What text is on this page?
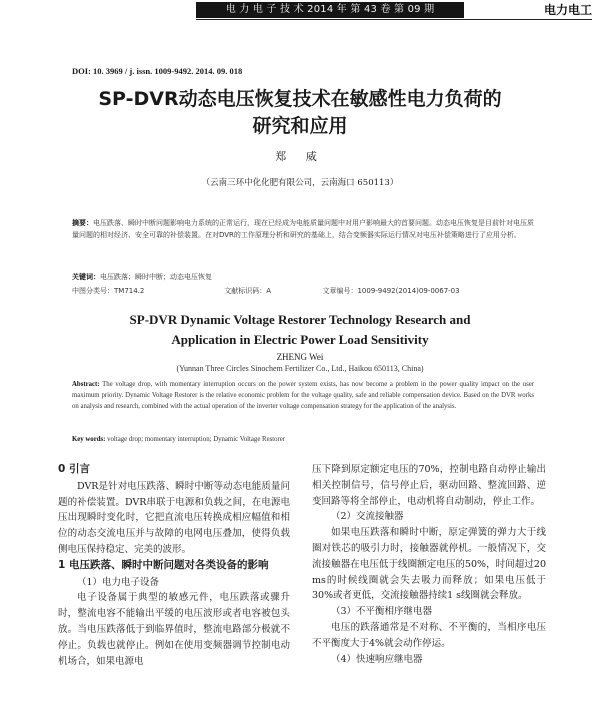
电 力 电 子 技 术 2014 年 第 43 卷 第 09 期	电力电工
DOI: 10. 3969 / j. issn. 1009-9492. 2014. 09. 018
SP-DVR动态电压恢复技术在敏感性电力负荷的
研究和应用
郑 威
（云南三环中化化肥有限公司，云南海口 650113）
摘要：电压跌落、瞬时中断问题影响电力系统的正常运行，现在已经成为电能质量问题中对用户影响最大的首要问题。动态电压恢复是目前针对电压质量问题的相对经济、安全可靠的补偿装置。在对DVR的工作原理分析和研究的基础上，结合变频器实际运行情况对电压补偿策略进行了应用分析。
关键词：电压跌落；瞬时中断；动态电压恢复
中图分类号：TM714.2	文献标识码：A	文章编号：1009-9492(2014)09-0067-03
SP-DVR Dynamic Voltage Restorer Technology Research and
Application in Electric Power Load Sensitivity
ZHENG Wei
(Yunnan Three Circles Sinochem Fertilizer Co., Ltd., Haikou 650113, China)
Abstract: The voltage drop, with momentary interruption occurs on the power system exists, has now become a problem in the power quality impact on the user maximum priority. Dynamic Voltage Restorer is the relative economic problem for the voltage quality, safe and reliable compensation device. Based on the DVR works on analysis and research, combined with the actual operation of the inverter voltage compensation strategy for the application of the analysis.
Key words: voltage drop; momentary interruption; Dynamic Voltage Restorer

0 引言

DVR是针对电压跌落、瞬时中断等动态电能质量问题的补偿装置。DVR串联于电源和负载之间，在电源电压出现瞬时变化时，它把直流电压转换成相应幅值和相位的动态交流电压并与故障的电网电压叠加，使得负载侧电压保持稳定、完美的波形。

1 电压跌落、瞬时中断问题对各类设备的影响

（1）电力电子设备

电子设备属于典型的敏感元件，电压跌落或骤升时，整流电容不能输出平缓的电压波形或者电容被包头放。当电压跌落低于到临界值时，整流电路部分极就不停止。负载也就停止。例如在使用变频器调节控制电动机场合，如果电源电

压下降到原定额定电压的70%，控制电路自动停止输出相关控制信号，信号停止后，驱动回路、整流回路、逆变回路等将全部停止，电动机将自动制动，停止工作。

（2）交流接触器

如果电压跌落和瞬时中断，原定弹簧的弹力大于线圈对铁芯的吸引力时，接触器就停机。一般情况下，交流接触器在电压低于线圈额定电压的50%，时间超过20 ms的时候线圈就会失去吸力而释放；如果电压低于30%或者更低，交流接触器持续1 s线圈就会释放。

（3）不平衡相序继电器

电压的跌落通常是不对称、不平衡的，当相序电压不平衡度大于4%就会动作停运。

（4）快速响应继电器
